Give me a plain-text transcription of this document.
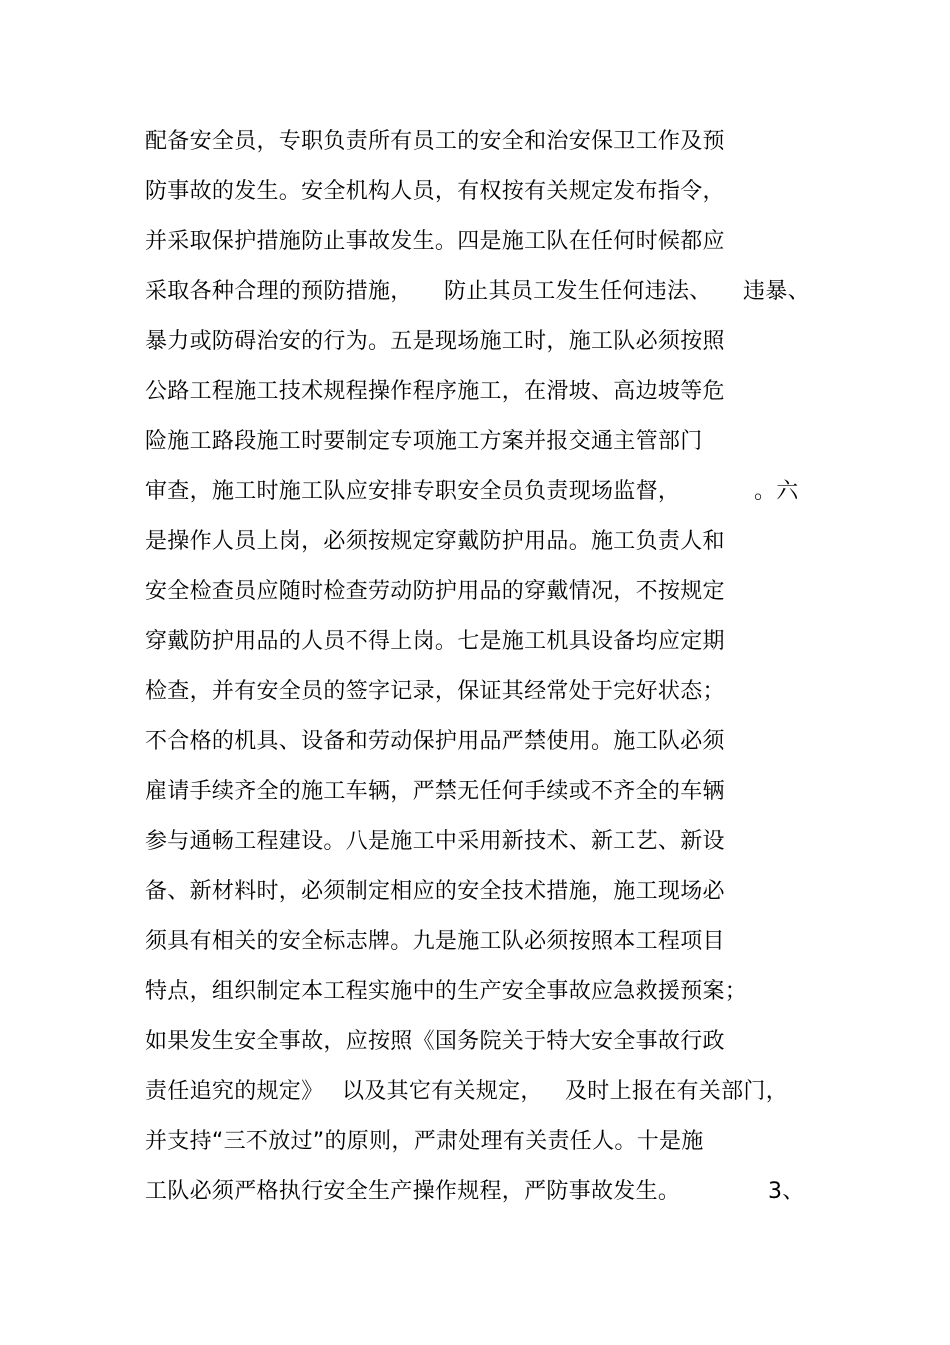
配备安全员，专职负责所有员工的安全和治安保卫工作及预
防事故的发生。安全机构人员，有权按有关规定发布指令，
并采取保护措施防止事故发生。四是施工队在任何时候都应

采取各种合理的预防措施，

防止其员工发生任何违法、

违暴、

暴力或防碍治安的行为。五是现场施工时，施工队必须按照
公路工程施工技术规程操作程序施工，在滑坡、高边坡等危
险施工路段施工时要制定专项施工方案并报交通主管部门

审查，施工时施工队应安排专职安全员负责现场监督，

	。六

是操作人员上岗，必须按规定穿戴防护用品。施工负责人和
安全检查员应随时检查劳动防护用品的穿戴情况，不按规定
穿戴防护用品的人员不得上岗。七是施工机具设备均应定期
检查，并有安全员的签字记录，保证其经常处于完好状态；
不合格的机具、设备和劳动保护用品严禁使用。施工队必须
雇请手续齐全的施工车辆，严禁无任何手续或不齐全的车辆
参与通畅工程建设。八是施工中采用新技术、新工艺、新设
备、新材料时，必须制定相应的安全技术措施，施工现场必
须具有相关的安全标志牌。九是施工队必须按照本工程项目
特点，组织制定本工程实施中的生产安全事故应急救援预案；
如果发生安全事故，应按照《国务院关于特大安全事故行政

责任追究的规定》

以及其它有关规定，

及时上报在有关部门，

并支持“三不放过”的原则，严肃处理有关责任人。十是施

工队必须严格执行安全生产操作规程，严防事故发生。

	3、
